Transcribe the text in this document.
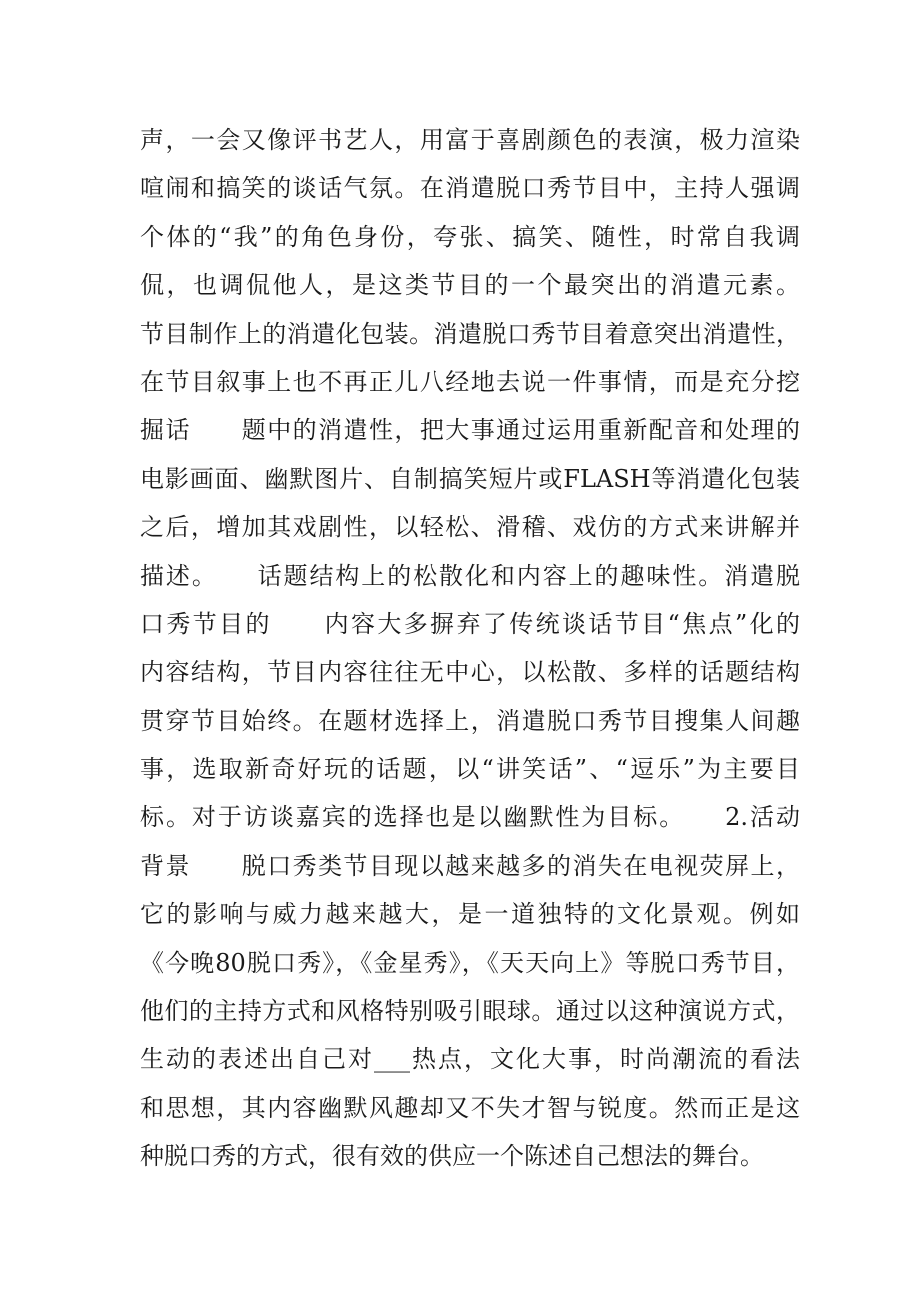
声，一会又像评书艺人，用富于喜剧颜色的表演，极力渲染
喧闹和搞笑的谈话气氛。在消遣脱口秀节目中，主持人强调
个体的“我”的角色身份，夸张、搞笑、随性，时常自我调
侃，也调侃他人，是这类节目的一个最突出的消遣元素。
节目制作上的消遣化包装。消遣脱口秀节目着意突出消遣性，
在节目叙事上也不再正儿八经地去说一件事情，而是充分挖
掘话　　题中的消遣性，把大事通过运用重新配音和处理的
电影画面、幽默图片、自制搞笑短片或FLASH等消遣化包装
之后，增加其戏剧性，以轻松、滑稽、戏仿的方式来讲解并
描述。　　话题结构上的松散化和内容上的趣味性。消遣脱
口秀节目的　　内容大多摒弃了传统谈话节目“焦点”化的
内容结构，节目内容往往无中心，以松散、多样的话题结构
贯穿节目始终。在题材选择上，消遣脱口秀节目搜集人间趣
事，选取新奇好玩的话题，以“讲笑话”、“逗乐”为主要目
标。对于访谈嘉宾的选择也是以幽默性为目标。　　2.活动
背景　　脱口秀类节目现以越来越多的消失在电视荧屏上，
它的影响与威力越来越大，是一道独特的文化景观。例如
《今晚80脱口秀》，《金星秀》，《天天向上》等脱口秀节目，
他们的主持方式和风格特别吸引眼球。通过以这种演说方式，
生动的表述出自己对___热点，文化大事，时尚潮流的看法
和思想，其内容幽默风趣却又不失才智与锐度。然而正是这
种脱口秀的方式，很有效的供应一个陈述自己想法的舞台。
